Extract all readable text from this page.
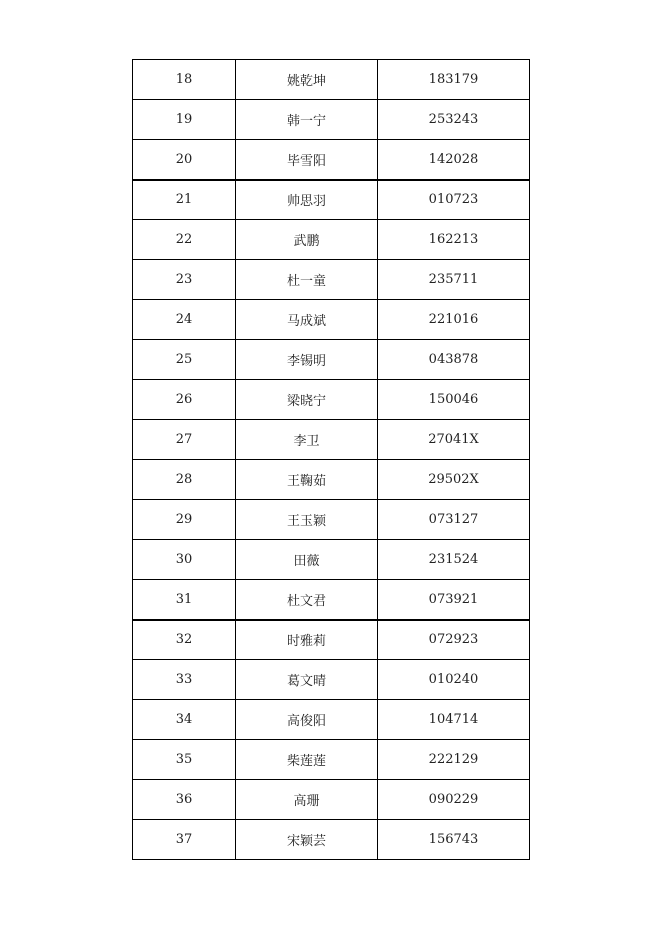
18	姚乾坤	183179
19	韩一宁	253243
20	毕雪阳	142028
21	帅思羽	010723
22	武鹏	162213
23	杜一童	235711
24	马成斌	221016
25	李锡明	043878
26	梁晓宁	150046
27	李卫	27041X
28	王鞠茹	29502X
29	王玉颖	073127
30	田薇	231524
31	杜文君	073921
32	时雅莉	072923
33	葛文晴	010240
34	高俊阳	104714
35	柴莲莲	222129
36	高珊	090229
37	宋颖芸	156743
